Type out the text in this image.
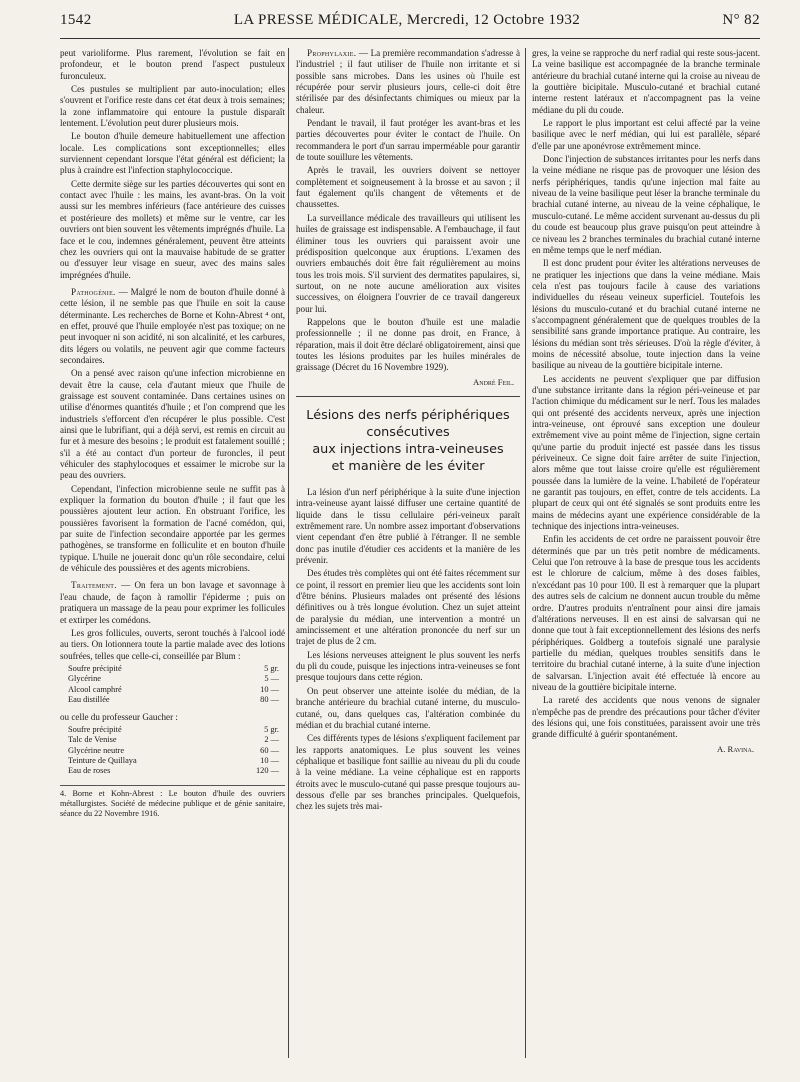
1542	LA PRESSE MÉDICALE, Mercredi, 12 Octobre 1932	N° 82

peut varioliforme. Plus rarement, l'évolution se fait en profondeur, et le bouton prend l'aspect pustuleux furonculeux.

Ces pustules se multiplient par auto-inoculation; elles s'ouvrent et l'orifice reste dans cet état deux à trois semaines; la zone inflammatoire qui entoure la pustule disparaît lentement. L'évolution peut durer plusieurs mois.

Le bouton d'huile demeure habituellement une affection locale. Les complications sont exceptionnelles; elles surviennent cependant lorsque l'état général est déficient; la plus à craindre est l'infection staphylococcique.

Cette dermite siège sur les parties découvertes qui sont en contact avec l'huile : les mains, les avant-bras. On la voit aussi sur les membres inférieurs (face antérieure des cuisses et postérieure des mollets) et même sur le ventre, car les ouvriers ont bien souvent les vêtements imprégnés d'huile. La face et le cou, indemnes généralement, peuvent être atteints chez les ouvriers qui ont la mauvaise habitude de se gratter ou d'essuyer leur visage en sueur, avec des mains sales imprégnées d'huile.

Pathogénie. — Malgré le nom de bouton d'huile donné à cette lésion, il ne semble pas que l'huile en soit la cause déterminante. Les recherches de Borne et Kohn-Abrest ⁴ ont, en effet, prouvé que l'huile employée n'est pas toxique; on ne peut invoquer ni son acidité, ni son alcalinité, et les carbures, dits légers ou volatils, ne peuvent agir que comme facteurs secondaires.

On a pensé avec raison qu'une infection microbienne en devait être la cause, cela d'autant mieux que l'huile de graissage est souvent contaminée. Dans certaines usines on utilise d'énormes quantités d'huile ; et l'on comprend que les industriels s'efforcent d'en récupérer le plus possible. C'est ainsi que le lubrifiant, qui a déjà servi, est remis en circuit au fur et à mesure des besoins ; le produit est fatalement souillé ; s'il a été au contact d'un porteur de furoncles, il peut véhiculer des staphylocoques et essaimer le microbe sur la peau des ouvriers.

Cependant, l'infection microbienne seule ne suffit pas à expliquer la formation du bouton d'huile ; il faut que les poussières ajoutent leur action. En obstruant l'orifice, les poussières favorisent la formation de l'acné comédon, qui, par suite de l'infection secondaire apportée par les germes pathogènes, se transforme en folliculite et en bouton d'huile typique. L'huile ne jouerait donc qu'un rôle secondaire, celui de véhicule des poussières et des agents microbiens.

Traitement. — On fera un bon lavage et savonnage à l'eau chaude, de façon à ramollir l'épiderme ; puis on pratiquera un massage de la peau pour exprimer les follicules et extirper les comédons.

Les gros follicules, ouverts, seront touchés à l'alcool iodé au tiers. On lotionnera toute la partie malade avec des lotions soufrées, telles que celle-ci, conseillée par Blum :

Soufre précipité	5 gr.
Glycérine	5 —
Alcool camphré	10 —
Eau distillée	80 —

ou celle du professeur Gaucher :

Soufre précipité	5 gr.
Talc de Venise	2 —
Glycérine neutre	60 —
Teinture de Quillaya	10 —
Eau de roses	120 —
4. Borne et Kohn-Abrest : Le bouton d'huile des ouvriers métallurgistes. Société de médecine publique et de génie sanitaire, séance du 22 Novembre 1916.

Prophylaxie. — La première recommandation s'adresse à l'industriel ; il faut utiliser de l'huile non irritante et si possible sans microbes. Dans les usines où l'huile est récupérée pour servir plusieurs jours, celle-ci doit être stérilisée par des désinfectants chimiques ou mieux par la chaleur.

Pendant le travail, il faut protéger les avant-bras et les parties découvertes pour éviter le contact de l'huile. On recommandera le port d'un sarrau imperméable pour garantir de toute souillure les vêtements.

Après le travail, les ouvriers doivent se nettoyer complètement et soigneusement à la brosse et au savon ; il faut également qu'ils changent de vêtements et de chaussettes.

La surveillance médicale des travailleurs qui utilisent les huiles de graissage est indispensable. A l'embauchage, il faut éliminer tous les ouvriers qui paraissent avoir une prédisposition quelconque aux éruptions. L'examen des ouvriers embauchés doit être fait régulièrement au moins tous les trois mois. S'il survient des dermatites papulaires, si, surtout, on ne note aucune amélioration aux visites successives, on éloignera l'ouvrier de ce travail dangereux pour lui.

Rappelons que le bouton d'huile est une maladie professionnelle ; il ne donne pas droit, en France, à réparation, mais il doit être déclaré obligatoirement, ainsi que toutes les lésions produites par les huiles minérales de graissage (Décret du 16 Novembre 1929).

André Feil.
Lésions des nerfs périphériques
consécutives
aux injections intra-veineuses
et manière de les éviter

La lésion d'un nerf périphérique à la suite d'une injection intra-veineuse ayant laissé diffuser une certaine quantité de liquide dans le tissu cellulaire péri-veineux paraît extrêmement rare. Un nombre assez important d'observations vient cependant d'en être publié à l'étranger. Il ne semble donc pas inutile d'étudier ces accidents et la manière de les prévenir.

Des études très complètes qui ont été faites récemment sur ce point, il ressort en premier lieu que les accidents sont loin d'être bénins. Plusieurs malades ont présenté des lésions définitives ou à très longue évolution. Chez un sujet atteint de paralysie du médian, une intervention a montré un amincissement et une altération prononcée du nerf sur un trajet de plus de 2 cm.

Les lésions nerveuses atteignent le plus souvent les nerfs du pli du coude, puisque les injections intra-veineuses se font presque toujours dans cette région.

On peut observer une atteinte isolée du médian, de la branche antérieure du brachial cutané interne, du musculo-cutané, ou, dans quelques cas, l'altération combinée du médian et du brachial cutané interne.

Ces différents types de lésions s'expliquent facilement par les rapports anatomiques. Le plus souvent les veines céphalique et basilique font saillie au niveau du pli du coude à la veine médiane. La veine céphalique est en rapports étroits avec le musculo-cutané qui passe presque toujours au-dessous d'elle par ses branches principales. Quelquefois, chez les sujets très mai-

gres, la veine se rapproche du nerf radial qui reste sous-jacent. La veine basilique est accompagnée de la branche terminale antérieure du brachial cutané interne qui la croise au niveau de la gouttière bicipitale. Musculo-cutané et brachial cutané interne restent latéraux et n'accompagnent pas la veine médiane du pli du coude.

Le rapport le plus important est celui affecté par la veine basilique avec le nerf médian, qui lui est parallèle, séparé d'elle par une aponévrose extrêmement mince.

Donc l'injection de substances irritantes pour les nerfs dans la veine médiane ne risque pas de provoquer une lésion des nerfs périphériques, tandis qu'une injection mal faite au niveau de la veine basilique peut léser la branche terminale du brachial cutané interne, au niveau de la veine céphalique, le musculo-cutané. Le même accident survenant au-dessus du pli du coude est beaucoup plus grave puisqu'on peut atteindre à ce niveau les 2 branches terminales du brachial cutané interne en même temps que le nerf médian.

Il est donc prudent pour éviter les altérations nerveuses de ne pratiquer les injections que dans la veine médiane. Mais cela n'est pas toujours facile à cause des variations individuelles du réseau veineux superficiel. Toutefois les lésions du musculo-cutané et du brachial cutané interne ne s'accompagnent généralement que de quelques troubles de la sensibilité sans grande importance pratique. Au contraire, les lésions du médian sont très sérieuses. D'où la règle d'éviter, à moins de nécessité absolue, toute injection dans la veine basilique au niveau de la gouttière bicipitale interne.

Les accidents ne peuvent s'expliquer que par diffusion d'une substance irritante dans la région péri-veineuse et par l'action chimique du médicament sur le nerf. Tous les malades qui ont présenté des accidents nerveux, après une injection intra-veineuse, ont éprouvé sans exception une douleur extrêmement vive au point même de l'injection, signe certain qu'une partie du produit injecté est passée dans les tissus périveineux. Ce signe doit faire arrêter de suite l'injection, alors même que tout laisse croire qu'elle est régulièrement poussée dans la lumière de la veine. L'habileté de l'opérateur ne garantit pas toujours, en effet, contre de tels accidents. La plupart de ceux qui ont été signalés se sont produits entre les mains de médecins ayant une expérience considérable de la technique des injections intra-veineuses.

Enfin les accidents de cet ordre ne paraissent pouvoir être déterminés que par un très petit nombre de médicaments. Celui que l'on retrouve à la base de presque tous les accidents est le chlorure de calcium, même à des doses faibles, n'excédant pas 10 pour 100. Il est à remarquer que la plupart des autres sels de calcium ne donnent aucun trouble du même ordre. D'autres produits n'entraînent pour ainsi dire jamais d'altérations nerveuses. Il en est ainsi de salvarsan qui ne donne que tout à fait exceptionnellement des lésions des nerfs périphériques. Goldberg a toutefois signalé une paralysie partielle du médian, quelques troubles sensitifs dans le territoire du brachial cutané interne, à la suite d'une injection de salvarsan. L'injection avait été effectuée là encore au niveau de la gouttière bicipitale interne.

La rareté des accidents que nous venons de signaler n'empêche pas de prendre des précautions pour tâcher d'éviter des lésions qui, une fois constituées, paraissent avoir une très grande difficulté à guérir spontanément.

A. Ravina.
